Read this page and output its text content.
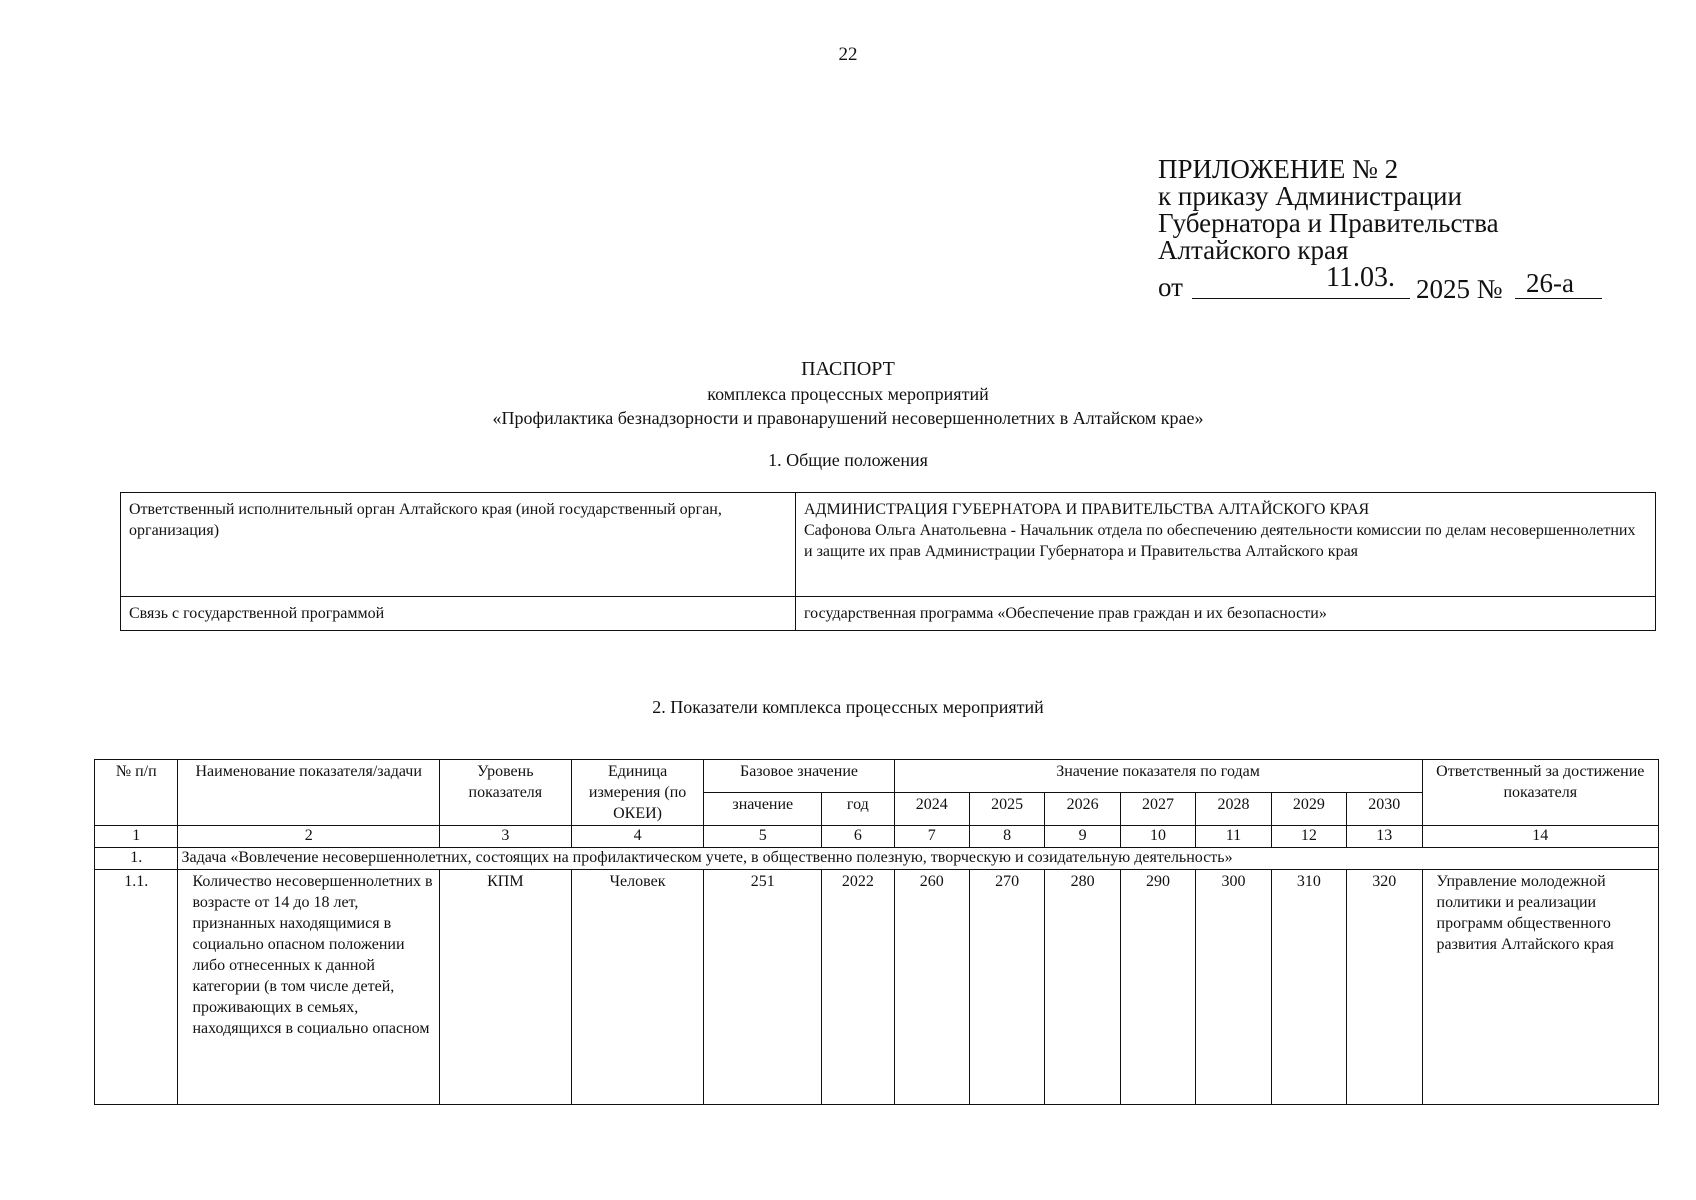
22
ПРИЛОЖЕНИЕ № 2
к приказу Администрации
Губернатора и Правительства
Алтайского края
от	11.03. 2025 № 26-а
ПАСПОРТ
комплекса процессных мероприятий
«Профилактика безнадзорности и правонарушений несовершеннолетних в Алтайском крае»
1. Общие положения
Ответственный исполнительный орган Алтайского края (иной государственный орган, организация)	АДМИНИСТРАЦИЯ ГУБЕРНАТОРА И ПРАВИТЕЛЬСТВА АЛТАЙСКОГО КРАЯ
Сафонова Ольга Анатольевна - Начальник отдела по обеспечению деятельности комиссии по делам несовершеннолетних и защите их прав Администрации Губернатора и Правительства Алтайского края

Связь с государственной программой	государственная программа «Обеспечение прав граждан и их безопасности»
2. Показатели комплекса процессных мероприятий
№ п/п	Наименование показателя/задачи	Уровень показателя	Единица измерения (по ОКЕИ)	Базовое значение		Значение показателя по годам							Ответственный за достижение показателя
				значение	год	2024	2025	2026	2027	2028	2029	2030	
1	2	3	4	5	6	7	8	9	10	11	12	13	14
1.	Задача «Вовлечение несовершеннолетних, состоящих на профилактическом учете, в общественно полезную, творческую и созидательную деятельность»												
1.1.	Количество несовершеннолетних в возрасте от 14 до 18 лет, признанных находящимися в социально опасном положении либо отнесенных к данной категории (в том числе детей, проживающих в семьях, находящихся в социально опасном	КПМ	Человек	251	2022	260	270	280	290	300	310	320	Управление молодежной политики и реализации программ общественного развития Алтайского края
